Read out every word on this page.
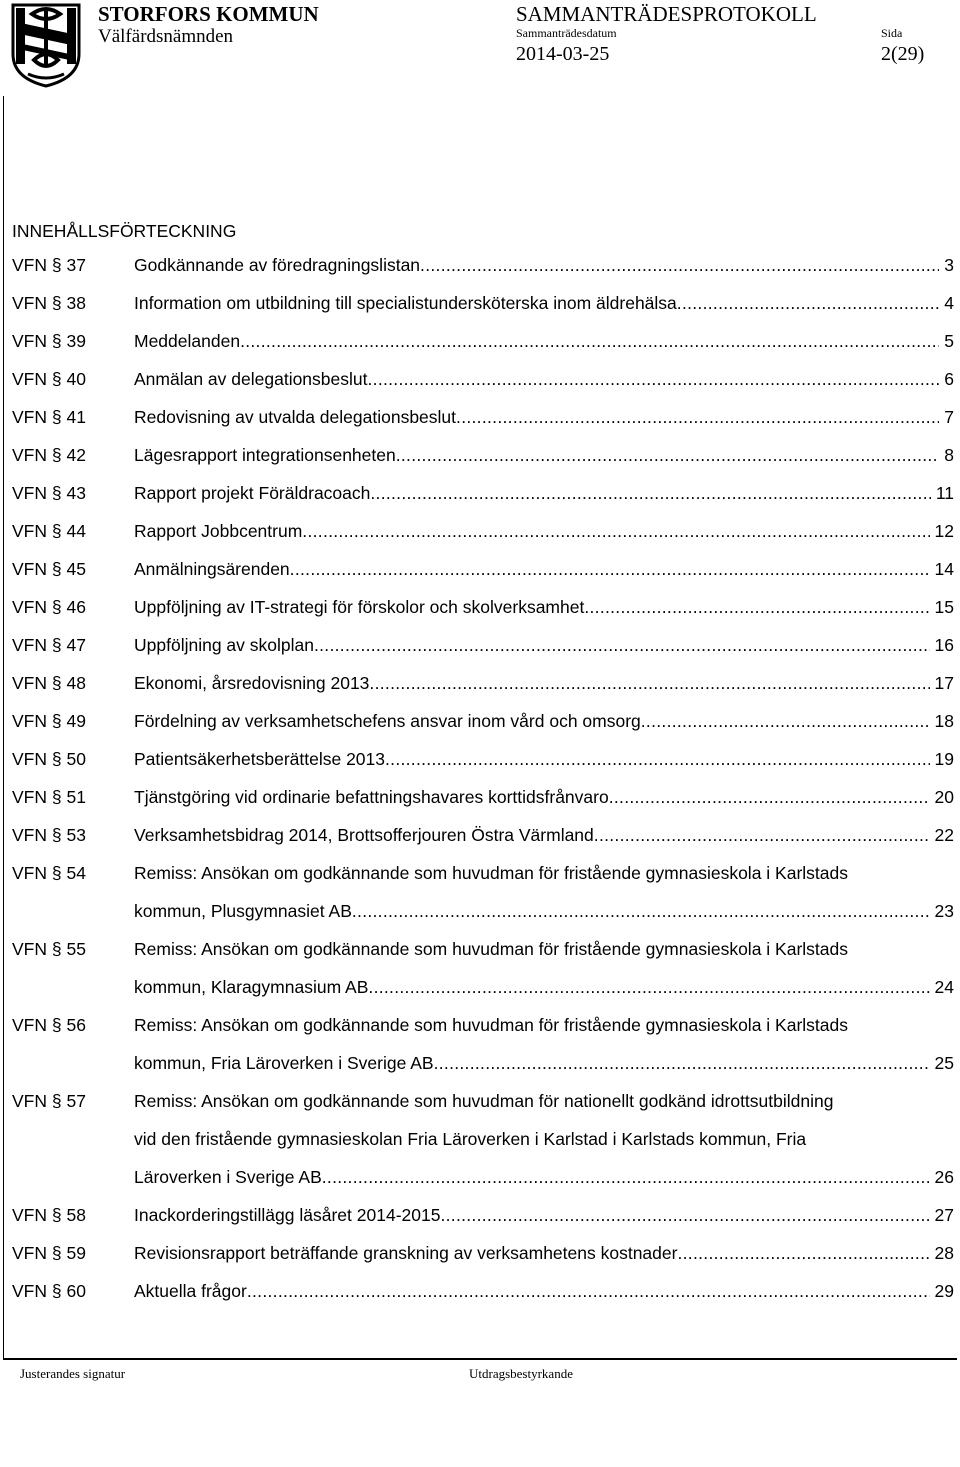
STORFORS KOMMUN
Välfärdsnämnden
SAMMANTRÄDESPROTOKOLL
Sammanträdesdatum	Sida
2014-03-25	2(29)
INNEHÅLLSFÖRTECKNING
VFN § 37	Godkännande av föredragningslistan .....	3
VFN § 38	Information om utbildning till specialistundersköterska inom äldrehälsa .....	4
VFN § 39	Meddelanden .....	5
VFN § 40	Anmälan av delegationsbeslut .....	6
VFN § 41	Redovisning av utvalda delegationsbeslut .....	7
VFN § 42	Lägesrapport integrationsenheten .....	8
VFN § 43	Rapport projekt Föräldracoach .....	11
VFN § 44	Rapport Jobbcentrum .....	12
VFN § 45	Anmälningsärenden .....	14
VFN § 46	Uppföljning av IT-strategi för förskolor och skolverksamhet .....	15
VFN § 47	Uppföljning av skolplan .....	16
VFN § 48	Ekonomi, årsredovisning 2013 .....	17
VFN § 49	Fördelning av verksamhetschefens ansvar inom vård och omsorg .....	18
VFN § 50	Patientsäkerhetsberättelse 2013 .....	19
VFN § 51	Tjänstgöring vid ordinarie befattningshavares korttidsfrånvaro .....	20
VFN § 53	Verksamhetsbidrag 2014, Brottsofferjouren Östra Värmland .....	22
VFN § 54	Remiss: Ansökan om godkännande som huvudman för fristående gymnasieskola i Karlstads
kommun, Plusgymnasiet AB .....	23
VFN § 55	Remiss: Ansökan om godkännande som huvudman för fristående gymnasieskola i Karlstads
kommun, Klaragymnasium AB .....	24
VFN § 56	Remiss: Ansökan om godkännande som huvudman för fristående gymnasieskola i Karlstads
kommun, Fria Läroverken i Sverige AB .....	25
VFN § 57	Remiss: Ansökan om godkännande som huvudman för nationellt godkänd idrottsutbildning
vid den fristående gymnasieskolan Fria Läroverken i Karlstad i Karlstads kommun, Fria
Läroverken i Sverige AB .....	26
VFN § 58	Inackorderingstillägg läsåret 2014-2015 .....	27
VFN § 59	Revisionsrapport beträffande granskning av verksamhetens kostnader .....	28
VFN § 60	Aktuella frågor .....	29
Justerandes signatur	Utdragsbestyrkande
